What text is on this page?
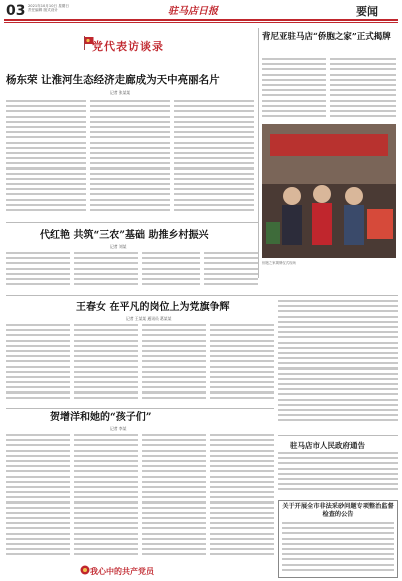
03 2021年10月10日 星期日
责任编辑 版式设计	驻马店日报	要闻
党代表访谈录
杨东荣 让淮河生态经济走廊成为天中亮丽名片
记者 张某某
背尼亚驻马店“侨胞之家”正式揭牌
侨胞之家揭牌仪式现场
代红艳 共筑“三农”基础 助推乡村振兴
记者 刘某
王春女 在平凡的岗位上为党旗争辉
记者 王某某 通讯员 葛某某
驻马店市人民政府通告
贺增洋和她的“孩子们”
记者 李某
关于开展全市非法采砂问题专项整治监督检查的公告
我心中的共产党员
